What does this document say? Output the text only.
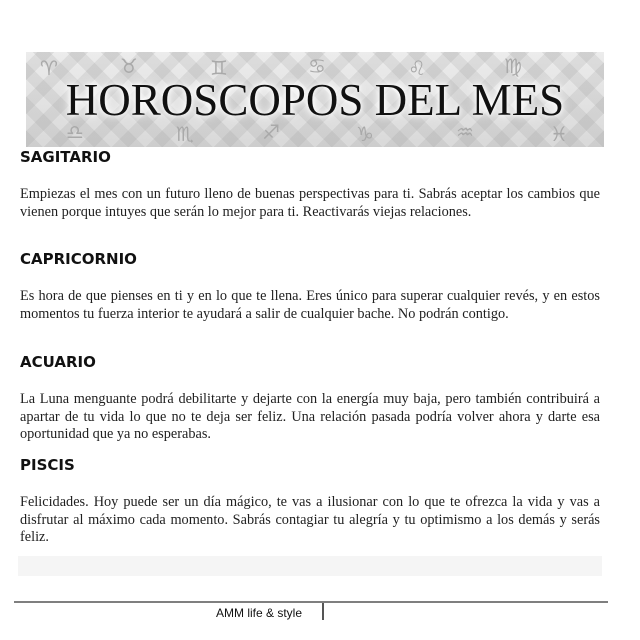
♈	♉	♊	♋	♌	♍
♎	♏	♐	♑	♒	♓
HOROSCOPOS DEL MES
SAGITARIO

Empiezas el mes con un futuro lleno de buenas perspectivas para ti. Sabrás aceptar los cambios que vienen porque intuyes que serán lo mejor para ti. Reactivarás viejas relaciones.

CAPRICORNIO

Es hora de que pienses en ti y en lo que te llena. Eres único para superar cualquier revés, y en estos momentos tu fuerza interior te ayudará a salir de cualquier bache. No podrán contigo.

ACUARIO

La Luna menguante podrá debilitarte y dejarte con la energía muy baja, pero también contribuirá a apartar de tu vida lo que no te deja ser feliz. Una relación pasada podría volver ahora y darte esa oportunidad que ya no esperabas.

PISCIS

Felicidades. Hoy puede ser un día mágico, te vas a ilusionar con lo que te ofrezca la vida y vas a disfrutar al máximo cada momento. Sabrás contagiar tu alegría y tu optimismo a los demás y serás feliz.

AMM life & style
